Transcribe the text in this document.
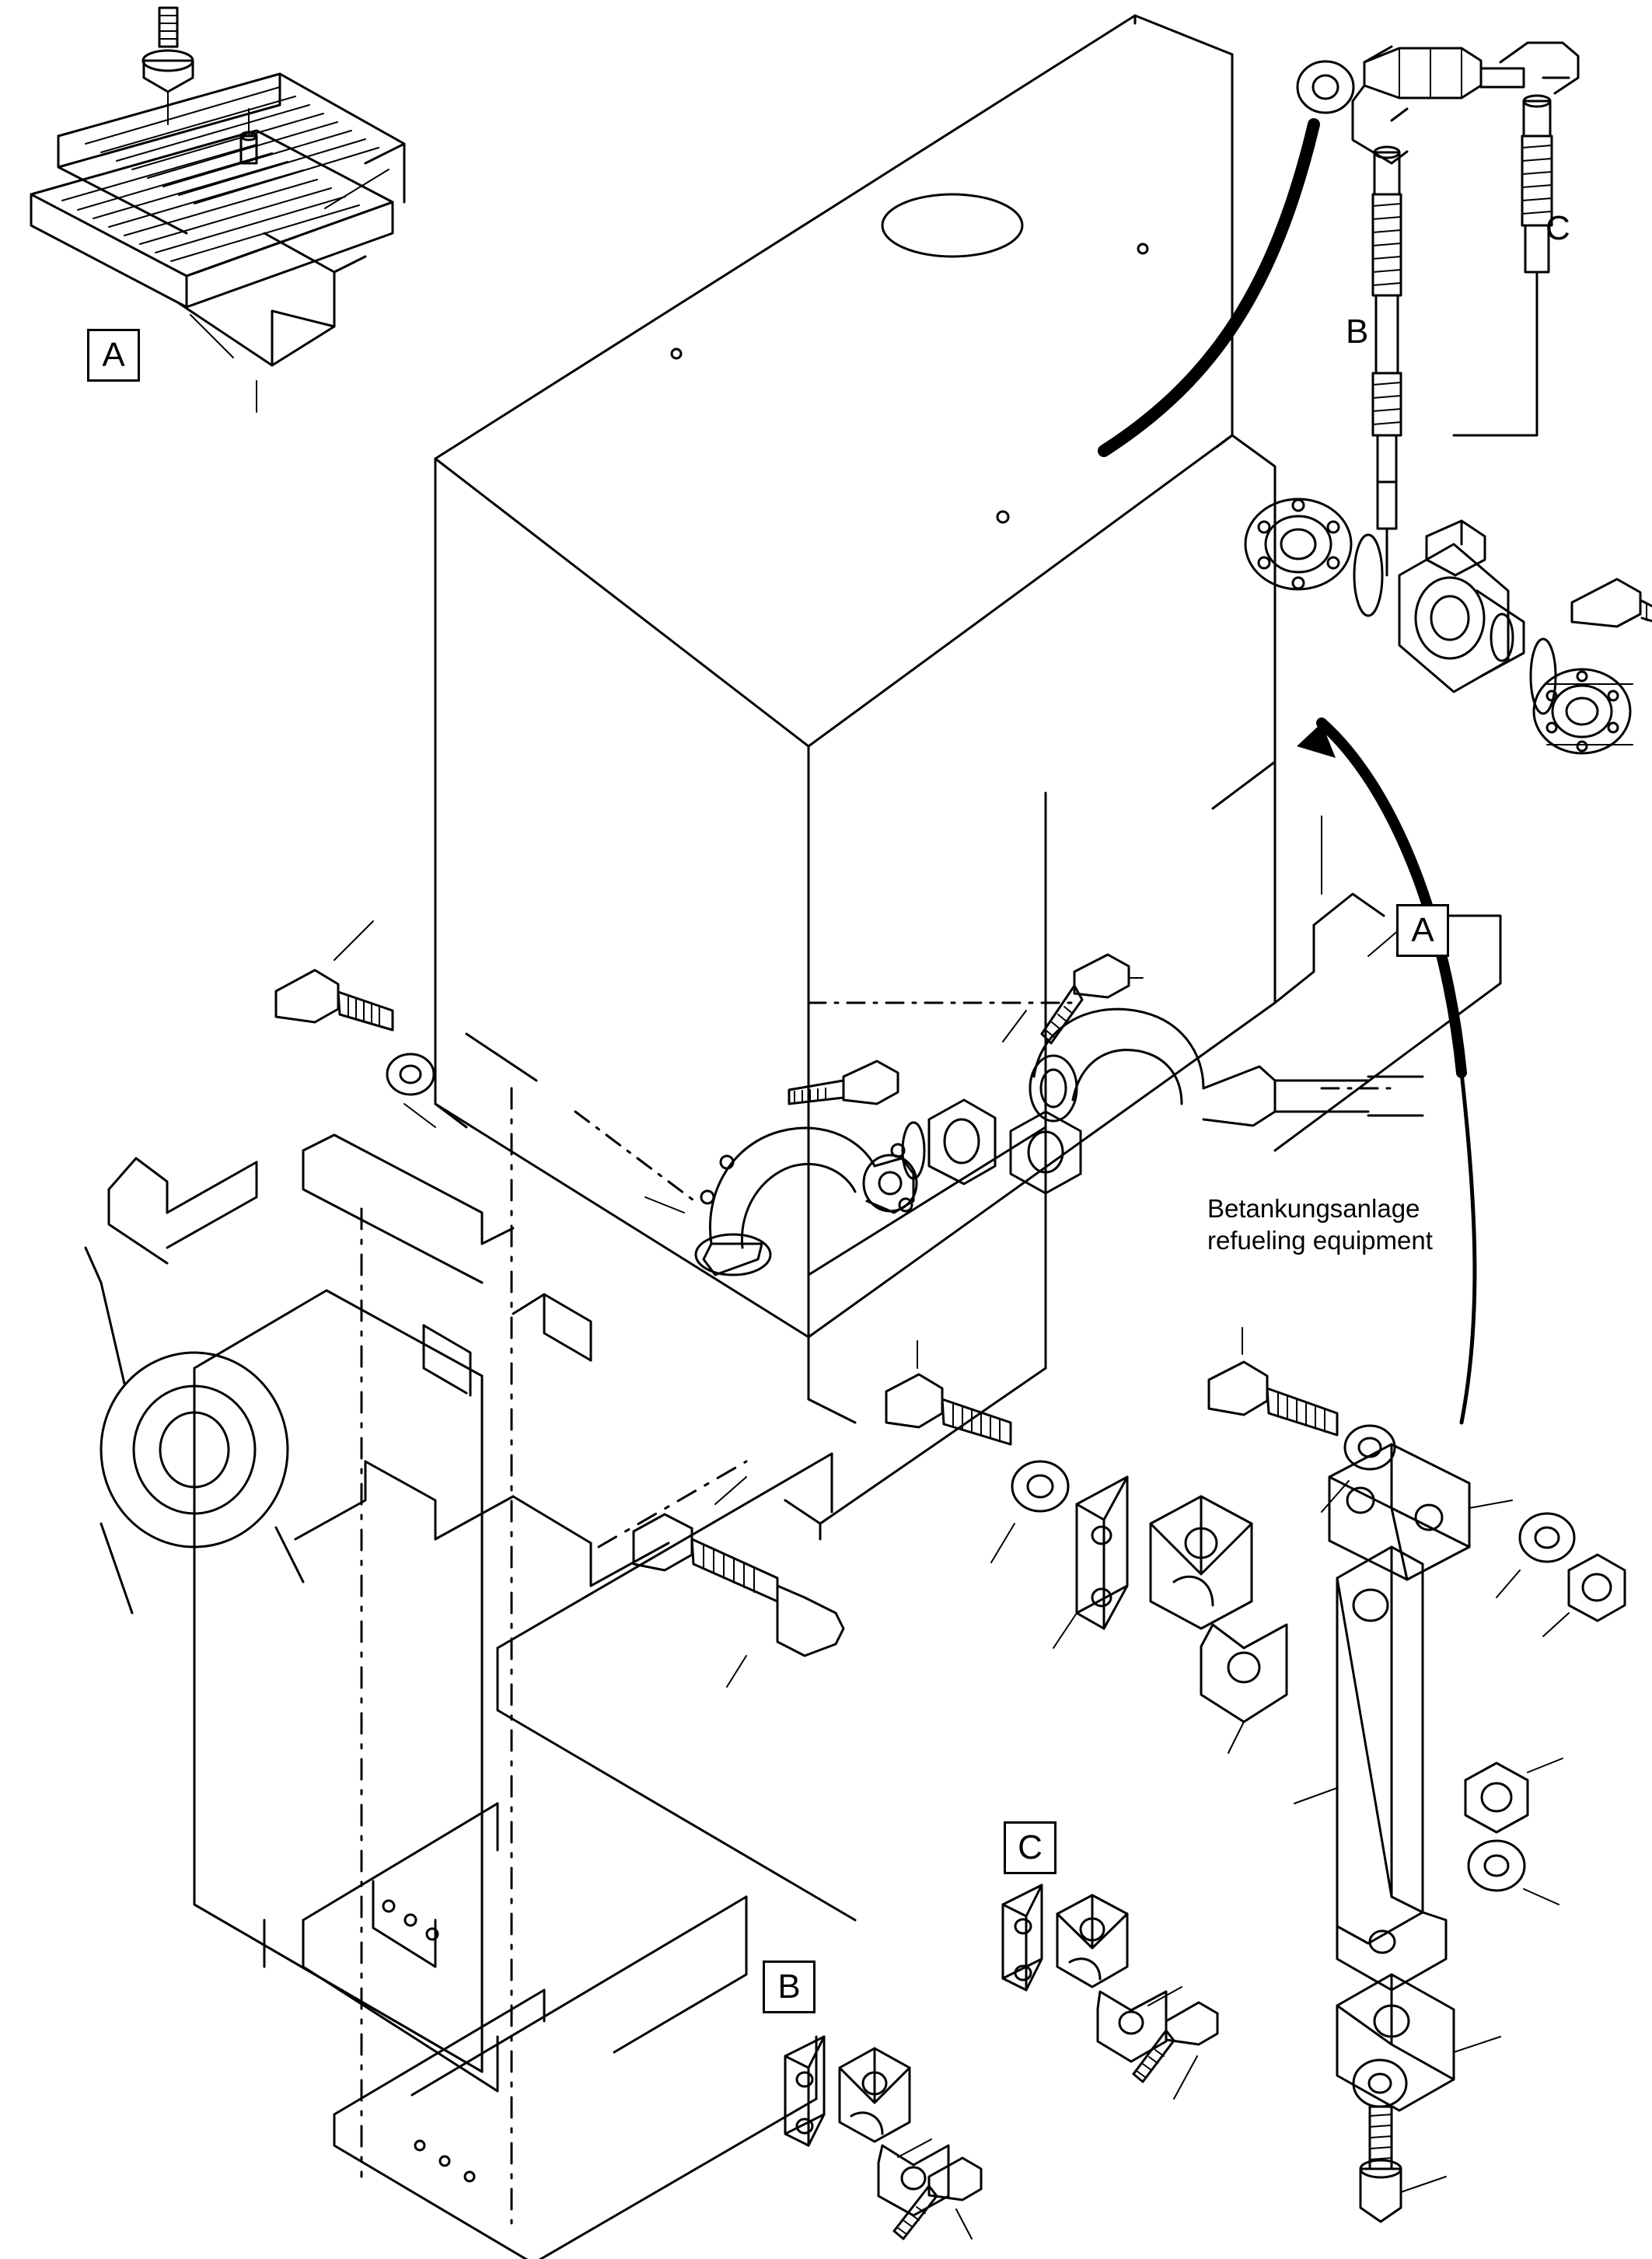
A
A
B
C
B
C
Betankungsanlage
refueling equipment
